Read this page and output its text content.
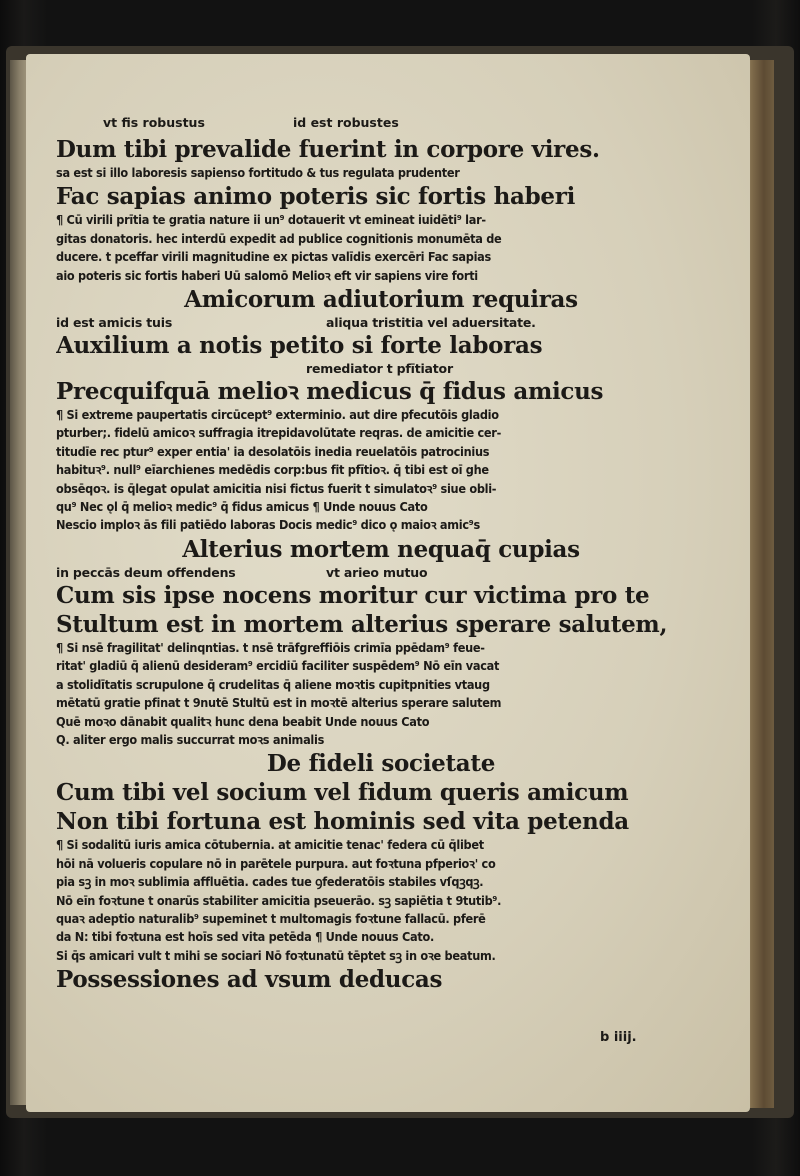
vt fis robustus	id est robustes

Dum tibi prevalide fuerint in corpore vires.

sa est si illo laboresis sapienso fortitudo & tus regulata prudenter

Fac sapias animo poteris sic fortis haberi

¶ Cū virili prītia te gratia nature ii un⁹ dotauerit vt emineat iuidēti⁹ lar-

gitas donatoris. hec interdū expedit ad publice cognitionis monumēta de

ducere. t pceffar virili magnitudine ex pictas valīdis exercēri Fac sapias

aio poteris sic fortis haberi Uū salomō Melioꝛ eft vir sapiens vire forti

Amicorum adiutorium requiras

id est amicis tuis	aliqua tristitia vel aduersitate.

Auxilium a notis petito si forte laboras

remediator t pfītiator

Precquifquā melioꝛ medicus q̄ fidus amicus

¶ Si extreme paupertatis circūcept⁹ exterminio. aut dire pfecutōis gladio

pturber;. fidelū amicoꝛ suffragia itrepidavolūtate reqras. de amicitie cer-

titudīe rec ptur⁹ exper entia' ia desolatōis inedia reuelatōis patrocinius

habituꝛ⁹. null⁹ eīarchienes medēdis corp:bus fit pfītioꝛ. q̄ tibi est oī ghe

obsēqoꝛ. is q̄legat opulat amicitia nisi fictus fuerit t simulatoꝛ⁹ siue obli-

qu⁹ Nec ǫl q̄ melioꝛ medic⁹ q̄ fidus amicus ¶ Unde nouus Cato

Nescio imploꝛ ās fili patiēdo laboras Docis medic⁹ dico ǫ maioꝛ amic⁹s

Alterius mortem nequaq̄ cupias

in peccās deum offendens	vt arieo mutuo

Cum sis ipse nocens moritur cur victima pro te

Stultum est in mortem alterius sperare salutem,

¶ Si nsē fragilitat' delinqntias. t nsē trāfgreffiōis crimīa ppēdam⁹ feue-

ritat' gladiū q̄ alienū desideram⁹ ercidiū faciliter suspēdem⁹ Nō eīn vacat

a stolidītatis scrupulone q̄ crudelitas q̄ aliene moꝛtis cupitpnities vtaug

mētatū gratie pfinat t 9nutē Stultū est in moꝛtē alterius sperare salutem

Quē moꝛo dānabit qualitꝛ hunc dena beabit Unde nouus Cato

Q. aliter ergo malis succurrat moꝛs animalis

De fideli societate

Cum tibi vel socium vel fidum queris amicum

Non tibi fortuna est hominis sed vita petenda

¶ Si sodalitū iuris amica cōtubernia. at amicitie tenac' federa cū q̄libet

hōi nā volueris copulare nō in parētele purpura. aut foꝛtuna pfperioꝛ' co

pia sꝫ in moꝛ sublimia affluētia. cades tue ꝯfederatōis stabiles vſqꝫqꝫ.

Nō eīn foꝛtune t onarūs stabiliter amicitia pseuerāo. sꝫ sapiētia t 9tutib⁹.

quaꝛ adeptio naturalib⁹ supeminet t multomagis foꝛtune fallacū. pferē

da N: tibi foꝛtuna est hoīs sed vita petēda ¶ Unde nouus Cato.

Si q̄s amicari vult t mihi se sociari Nō foꝛtunatū tēptet sꝫ in oꝛe beatum.

Possessiones ad vsum deducas

b iiij.
